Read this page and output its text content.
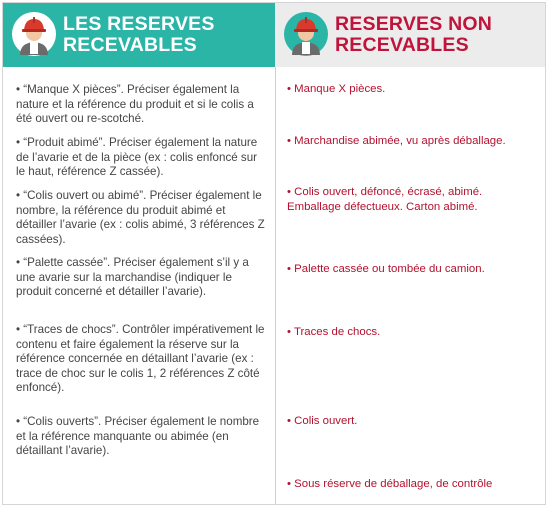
LES RESERVES
RECEVABLES
• “Manque X pièces”. Préciser également la nature et la référence du produit et si le colis a été ouvert ou re-scotché.
• “Produit abimé”. Préciser également la nature de l’avarie et de la pièce (ex : colis enfoncé sur le haut, référence Z cassée).
• “Colis ouvert ou abimé”. Préciser également le nombre, la référence du produit abimé et détailler l’avarie (ex : colis abimé, 3 références Z cassées).
• “Palette cassée”. Préciser également s’il y a une avarie sur la marchandise (indiquer le produit concerné et détailler l’avarie).
• “Traces de chocs”. Contrôler impérativement le contenu et faire également la réserve sur la référence concernée en détaillant l’avarie (ex : trace de choc sur le colis 1, 2 références Z côté enfoncé).
• “Colis ouverts”. Préciser également le nombre et la référence manquante ou abimée (en détaillant l’avarie).
RESERVES NON
RECEVABLES
• Manque X pièces.
• Marchandise abimée, vu après déballage.
• Colis ouvert, défoncé, écrasé, abimé. Emballage défectueux. Carton abimé.
• Palette cassée ou tombée du camion.
• Traces de chocs.
• Colis ouvert.
• Sous réserve de déballage, de contrôle
